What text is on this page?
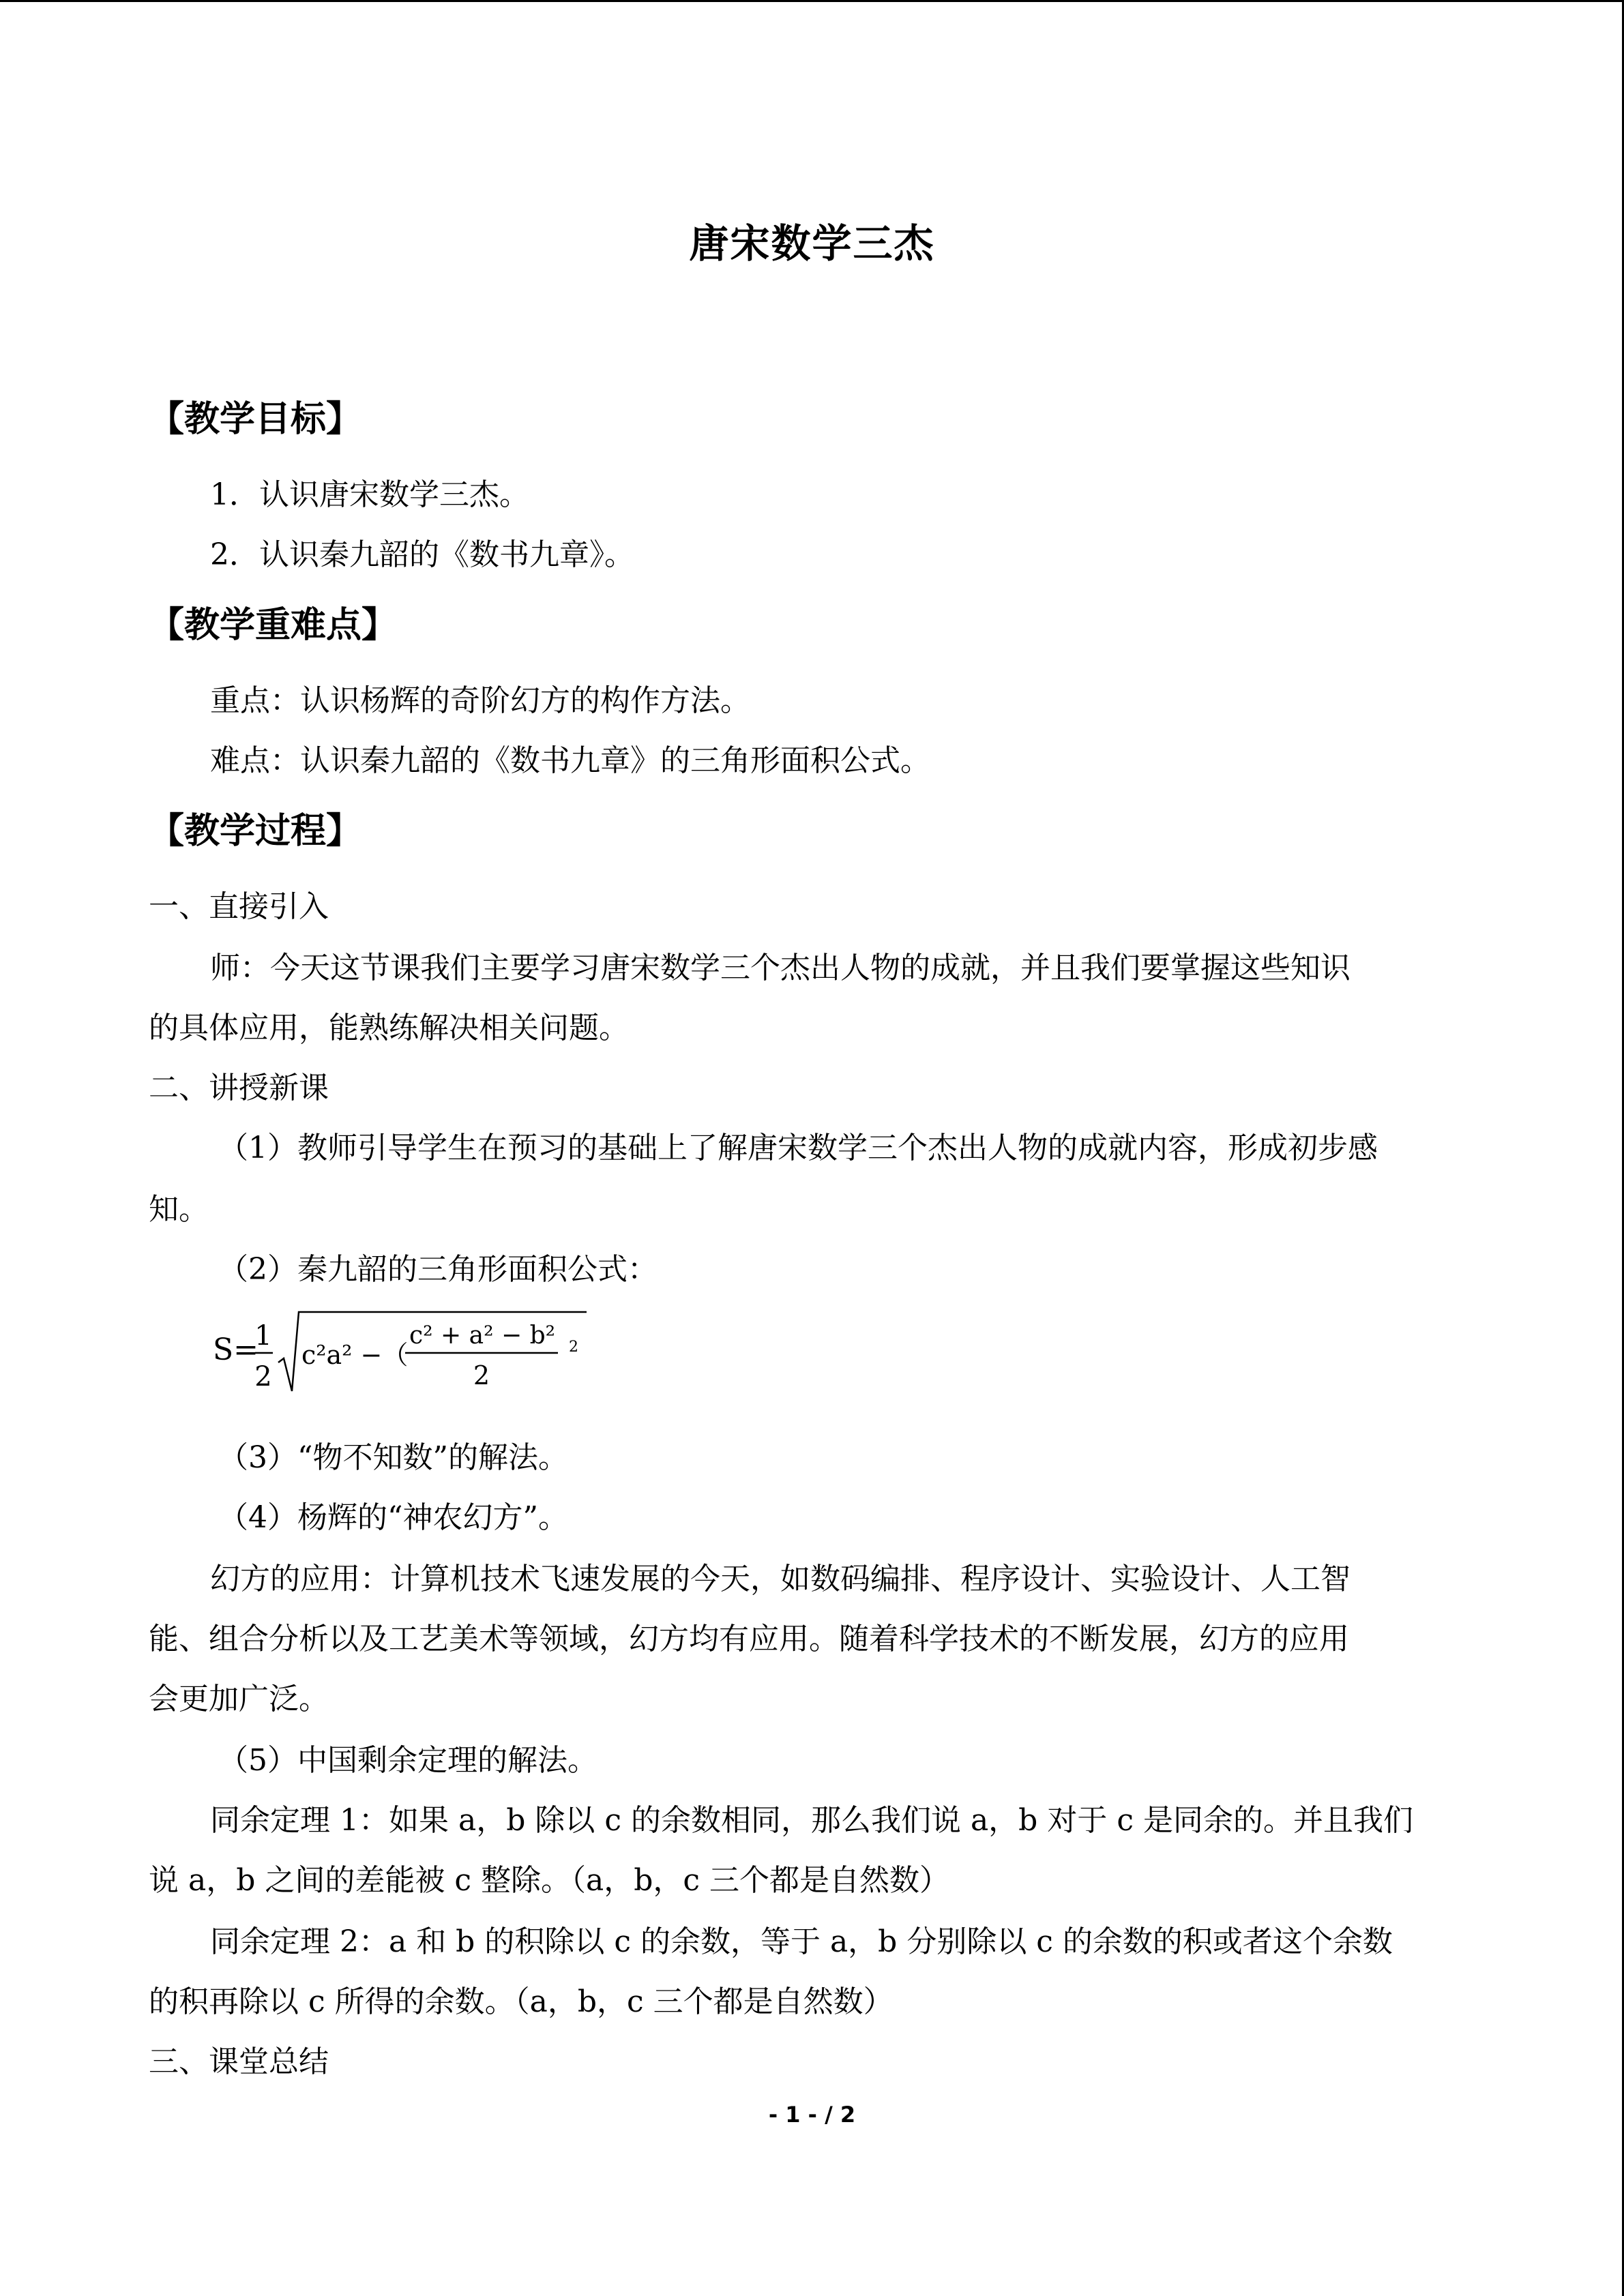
唐宋数学三杰
【教学目标】
1．认识唐宋数学三杰。
2．认识秦九韶的《数书九章》。
【教学重难点】
重点：认识杨辉的奇阶幻方的构作方法。
难点：认识秦九韶的《数书九章》的三角形面积公式。
【教学过程】
一、直接引入
师：今天这节课我们主要学习唐宋数学三个杰出人物的成就，并且我们要掌握这些知识
的具体应用，能熟练解决相关问题。
二、讲授新课
（1）教师引导学生在预习的基础上了解唐宋数学三个杰出人物的成就内容，形成初步感
知。
（2）秦九韶的三角形面积公式：
S=
1
2
c²a² −（
c² + a² − b²
2
2
（3）“物不知数”的解法。
（4）杨辉的“神农幻方”。
幻方的应用：计算机技术飞速发展的今天，如数码编排、程序设计、实验设计、人工智
能、组合分析以及工艺美术等领域，幻方均有应用。随着科学技术的不断发展，幻方的应用
会更加广泛。
（5）中国剩余定理的解法。
同余定理 1：如果 a，b 除以 c 的余数相同，那么我们说 a，b 对于 c 是同余的。并且我们
说 a，b 之间的差能被 c 整除。（a，b，c 三个都是自然数）
同余定理 2：a 和 b 的积除以 c 的余数，等于 a，b 分别除以 c 的余数的积或者这个余数
的积再除以 c 所得的余数。（a，b，c 三个都是自然数）
三、课堂总结
- 1 - / 2
